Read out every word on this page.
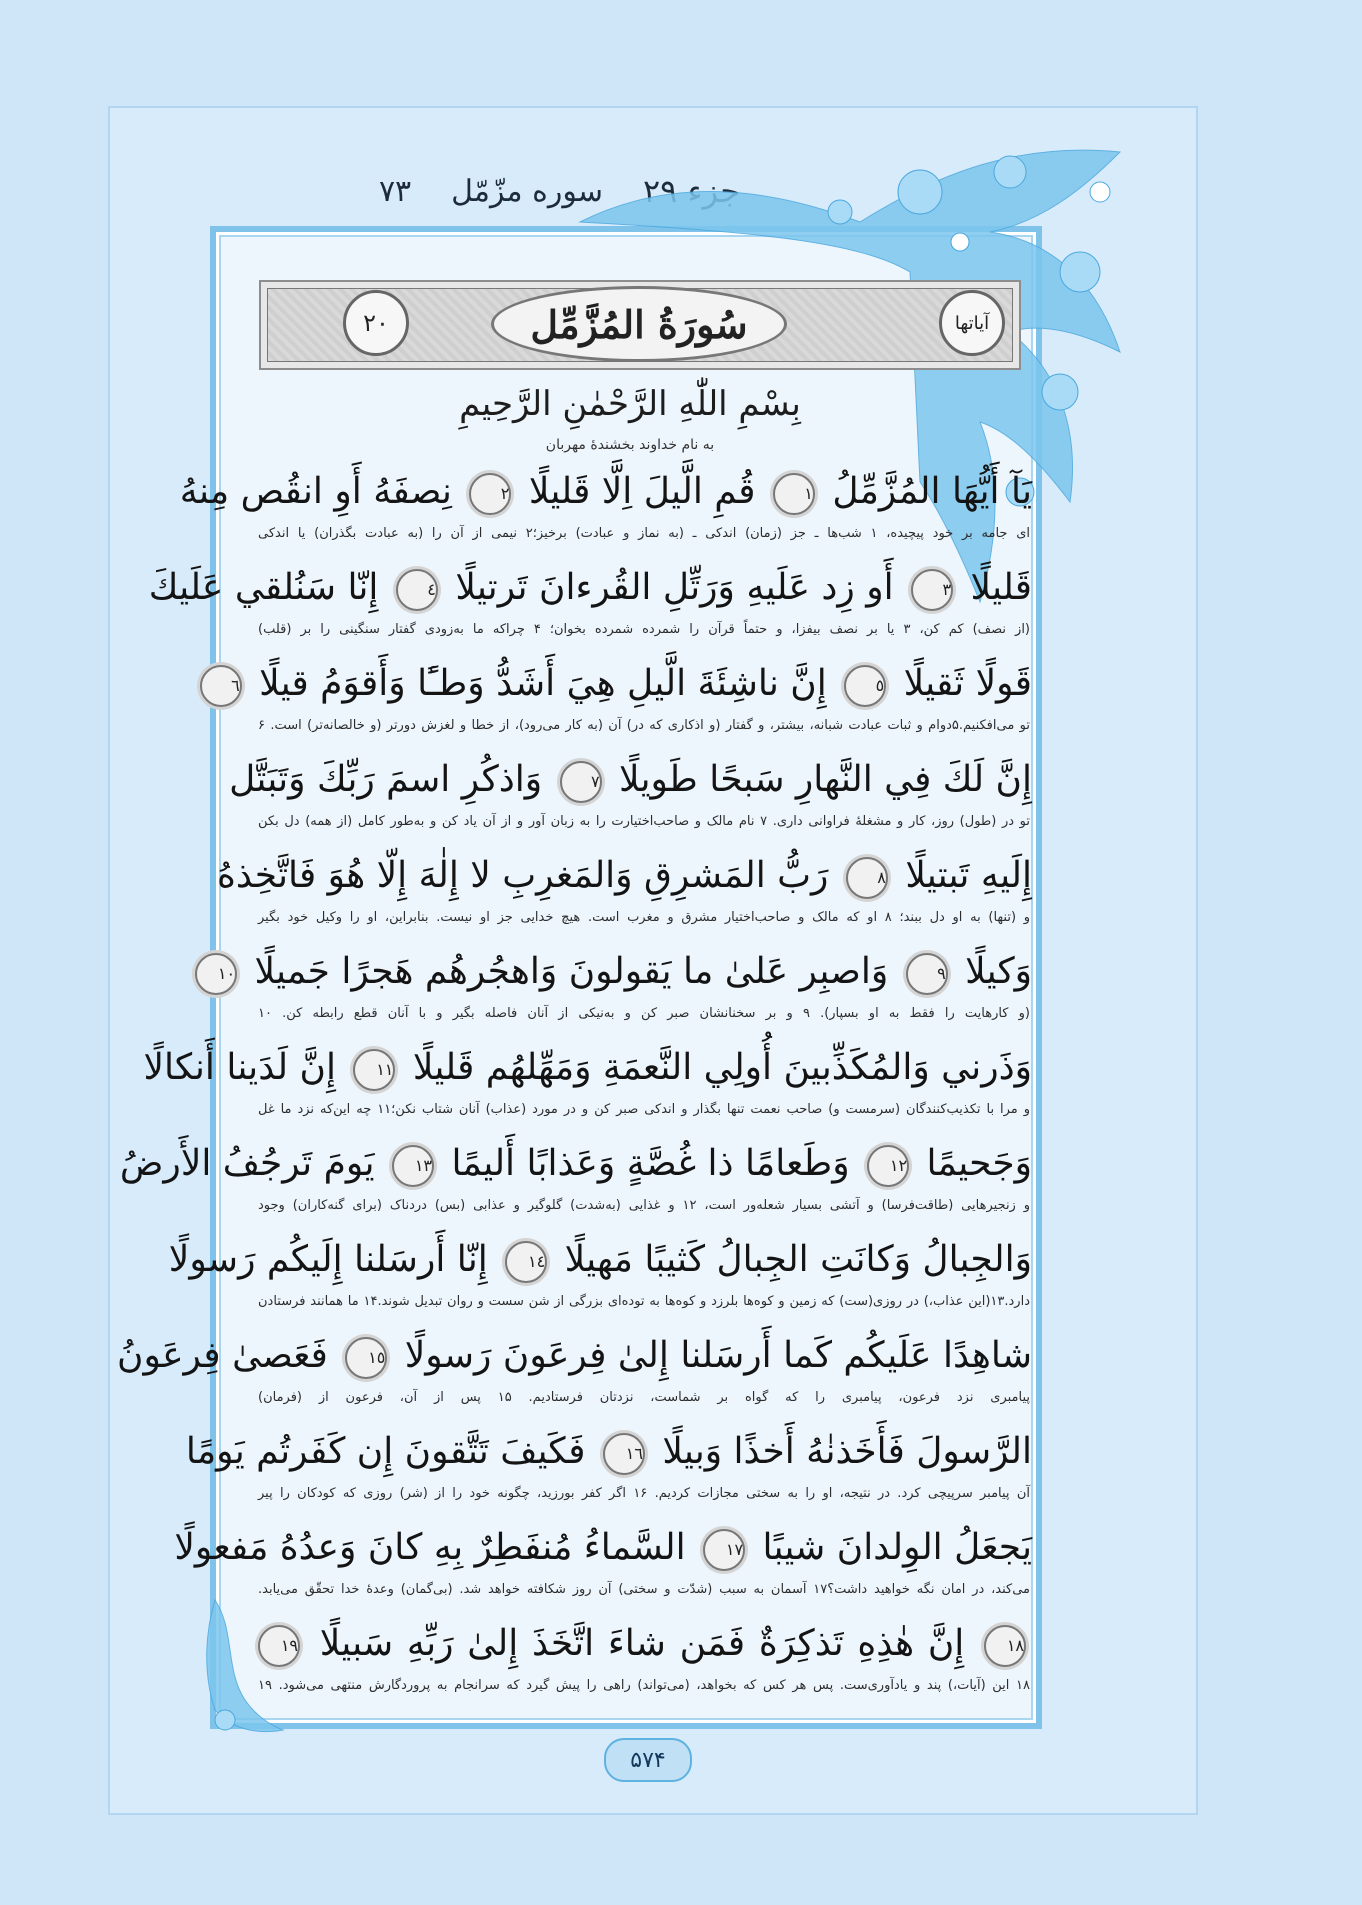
جزء ۲۹
سوره مزّمّل
۷۳
آیاتها
سُورَةُ المُزَّمِّل
۲۰
بِسْمِ اللّٰهِ الرَّحْمٰنِ الرَّحِيمِ
به نام خداوند بخشندهٔ مهربان
يَآ أَيُّهَا المُزَّمِّلُ ١ قُمِ الَّيلَ اِلَّا قَليلًا ٢ نِصفَهُ أَوِ انقُص مِنهُ
ای جامه بر خود پیچیده، ۱ شب‌ها ـ جز (زمان) اندکی ـ (به نماز و عبادت) برخیز؛۲ نیمی از آن را (به عبادت بگذران) یا اندکی
قَليلًا ٣ أَو زِد عَلَيهِ وَرَتِّلِ القُرءانَ تَرتيلًا ٤ إِنّا سَنُلقي عَلَيكَ
(از نصف) کم کن، ۳ یا بر نصف بیفزا، و حتماً قرآن را شمرده شمرده بخوان؛ ۴ چراکه ما به‌زودی گفتار سنگینی را بر (قلب)
قَولًا ثَقيلًا ٥ إِنَّ ناشِئَةَ الَّيلِ هِيَ أَشَدُّ وَطـًٔا وَأَقوَمُ قيلًا ٦
تو می‌افکنیم.۵دوام و ثبات عبادت شبانه، بیشتر، و گفتار (و اذکاری که در) آن (به کار می‌رود)، از خطا و لغزش دورتر (و خالصانه‌تر) است. ۶
إِنَّ لَكَ فِي النَّهارِ سَبحًا طَويلًا ٧ وَاذكُرِ اسمَ رَبِّكَ وَتَبَتَّل
تو در (طول) روز، کار و مشغلهٔ فراوانی داری. ۷ نام مالک و صاحب‌اختیارت را به زبان آور و از آن یاد کن و به‌طور کامل (از همه) دل بکن
إِلَيهِ تَبتيلًا ٨ رَبُّ المَشرِقِ وَالمَغرِبِ لا إِلٰهَ إِلّا هُوَ فَاتَّخِذهُ
و (تنها) به او دل ببند؛ ۸ او که مالک و صاحب‌اختیار مشرق و مغرب است. هیچ خدایی جز او نیست. بنابراین، او را وکیل خود بگیر
وَكيلًا ٩ وَاصبِر عَلىٰ ما يَقولونَ وَاهجُرهُم هَجرًا جَميلًا ١٠
(و کارهایت را فقط به او بسپار). ۹ و بر سخنانشان صبر کن و به‌نیکی از آنان فاصله بگیر و با آنان قطع رابطه کن. ۱۰
وَذَرني وَالمُكَذِّبينَ أُولِي النَّعمَةِ وَمَهِّلهُم قَليلًا ١١ إِنَّ لَدَينا أَنكالًا
و مرا با تکذیب‌کنندگان (سرمست و) صاحب نعمت تنها بگذار و اندکی صبر کن و در مورد (عذاب) آنان شتاب نکن؛۱۱ چه این‌که نزد ما غل
وَجَحيمًا ١٢ وَطَعامًا ذا غُصَّةٍ وَعَذابًا أَليمًا ١٣ يَومَ تَرجُفُ الأَرضُ
و زنجیرهایی (طاقت‌فرسا) و آتشی بسیار شعله‌ور است، ۱۲ و غذایی (به‌شدت) گلوگیر و عذابی (بس) دردناک (برای گنه‌کاران) وجود
وَالجِبالُ وَكانَتِ الجِبالُ كَثيبًا مَهيلًا ١٤ إِنّا أَرسَلنا إِلَيكُم رَسولًا
دارد.۱۳(این عذاب،) در روزی(ست) که زمین و کوه‌ها بلرزد و کوه‌ها به توده‌ای بزرگی از شن سست و روان تبدیل شوند.۱۴ ما همانند فرستادن
شاهِدًا عَلَيكُم كَما أَرسَلنا إِلىٰ فِرعَونَ رَسولًا ١٥ فَعَصىٰ فِرعَونُ
پیامبری نزد فرعون، پیامبری را که گواه بر شماست، نزدتان فرستادیم. ۱۵ پس از آن، فرعون از (فرمان)
الرَّسولَ فَأَخَذنٰهُ أَخذًا وَبيلًا ١٦ فَكَيفَ تَتَّقونَ إِن كَفَرتُم يَومًا
آن پیامبر سرپیچی کرد. در نتیجه، او را به سختی مجازات کردیم. ۱۶ اگر کفر بورزید، چگونه خود را از (شر) روزی که کودکان را پیر
يَجعَلُ الوِلدانَ شيبًا ١٧ السَّماءُ مُنفَطِرٌ بِهِ كانَ وَعدُهُ مَفعولًا
می‌کند، در امان نگه خواهید داشت؟۱۷ آسمان به سبب (شدّت و سختی) آن روز شکافته خواهد شد. (بی‌گمان) وعدهٔ خدا تحقّق می‌یابد.
١٨ إِنَّ هٰذِهِ تَذكِرَةٌ فَمَن شاءَ اتَّخَذَ إِلىٰ رَبِّهِ سَبيلًا ١٩
۱۸ این (آیات،) پند و یادآوری‌ست. پس هر کس که بخواهد، (می‌تواند) راهی را پیش گیرد که سرانجام به پروردگارش منتهی می‌شود. ۱۹
۵۷۴
